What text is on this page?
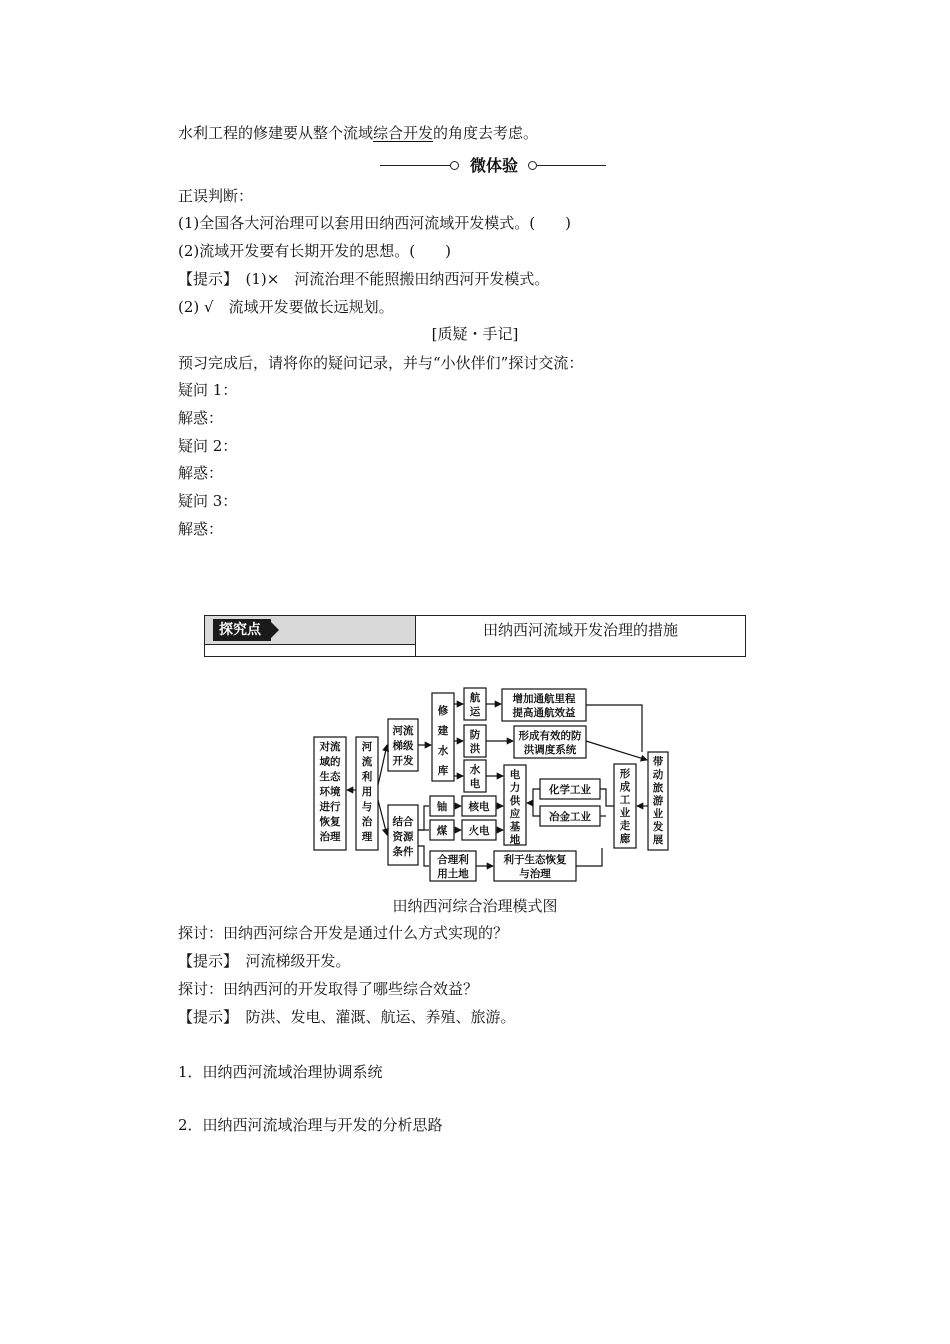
水利工程的修建要从整个流域综合开发的角度去考虑。
微体验
正误判断：
(1)全国各大河治理可以套用田纳西河流域开发模式。(　　)
(2)流域开发要有长期开发的思想。(　　)
【提示】　(1)×　河流治理不能照搬田纳西河开发模式。
(2) √　流域开发要做长远规划。
[质疑・手记]
预习完成后，请将你的疑问记录，并与“小伙伴们”探讨交流：
疑问 1：
解惑：
疑问 2：
解惑：
疑问 3：
解惑：
探究点	田纳西河流域开发治理的措施
对流域的生态环境进行恢复治理
河流利用与治理
河流梯级开发
修建水库
航运
防洪
水电
增加通航里程提高通航效益
形成有效的防洪调度系统
电力供应基地
化学工业
冶金工业
形成工业走廊
带动旅游业发展
结合资源条件
铀
煤
核电
火电
合理利用土地
利于生态恢复与治理
田纳西河综合治理模式图
探讨：田纳西河综合开发是通过什么方式实现的？
【提示】　河流梯级开发。
探讨：田纳西河的开发取得了哪些综合效益？
【提示】　防洪、发电、灌溉、航运、养殖、旅游。
1．田纳西河流域治理协调系统
2．田纳西河流域治理与开发的分析思路
